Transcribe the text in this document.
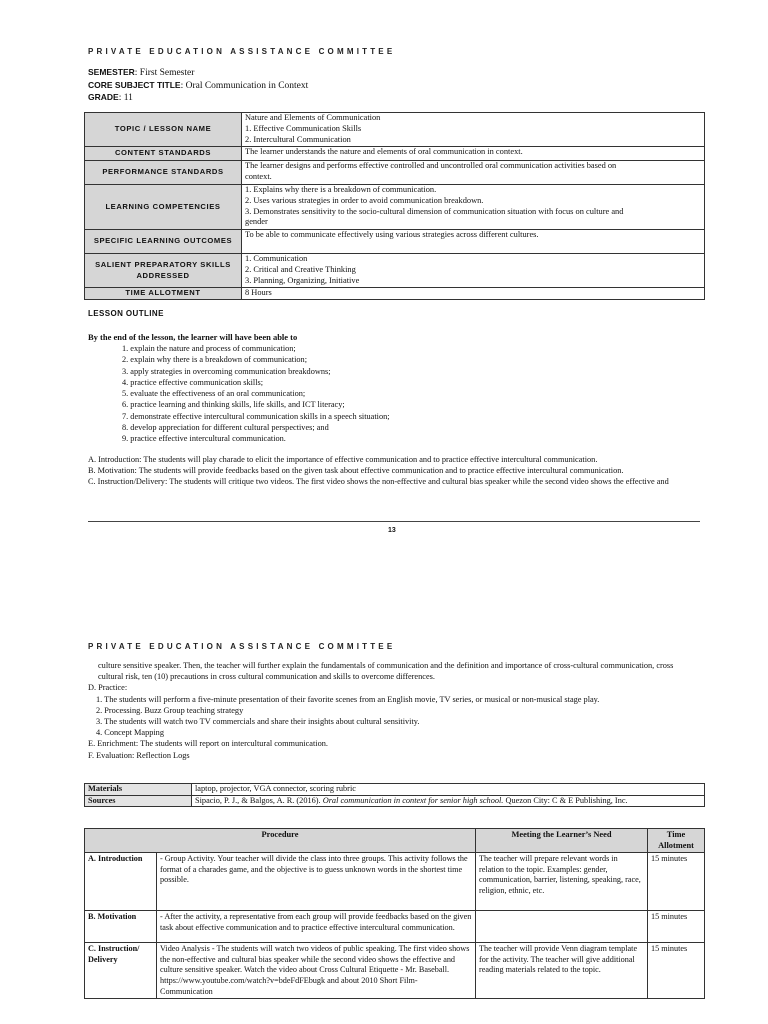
PRIVATE EDUCATION ASSISTANCE COMMITTEE
SEMESTER: First Semester
CORE SUBJECT TITLE: Oral Communication in Context
GRADE: 11
TOPIC / LESSON NAME	Nature and Elements of Communication
1. Effective Communication Skills
2. Intercultural Communication

CONTENT STANDARDS	The learner understands the nature and elements of oral communication in context.

PERFORMANCE STANDARDS	The learner designs and performs effective controlled and uncontrolled oral communication activities based on
context.

LEARNING COMPETENCIES	1. Explains why there is a breakdown of communication.
2. Uses various strategies in order to avoid communication breakdown.
3. Demonstrates sensitivity to the socio-cultural dimension of communication situation with focus on culture and
gender

SPECIFIC LEARNING OUTCOMES	To be able to communicate effectively using various strategies across different cultures.

SALIENT PREPARATORY SKILLS ADDRESSED	1. Communication
2. Critical and Creative Thinking
3. Planning, Organizing, Initiative

TIME ALLOTMENT	8 Hours
LESSON OUTLINE
By the end of the lesson, the learner will have been able to
1. explain the nature and process of communication;
2. explain why there is a breakdown of communication;
3. apply strategies in overcoming communication breakdowns;
4. practice effective communication skills;
5. evaluate the effectiveness of an oral communication;
6. practice learning and thinking skills, life skills, and ICT literacy;
7. demonstrate effective intercultural communication skills in a speech situation;
8. develop appreciation for different cultural perspectives; and
9. practice effective intercultural communication.
A. Introduction: The students will play charade to elicit the importance of effective communication and to practice effective intercultural communication.
B. Motivation: The students will provide feedbacks based on the given task about effective communication and to practice effective intercultural communication.
C. Instruction/Delivery: The students will critique two videos. The first video shows the non-effective and cultural bias speaker while the second video shows the effective and
13
PRIVATE EDUCATION ASSISTANCE COMMITTEE
culture sensitive speaker. Then, the teacher will further explain the fundamentals of communication and the definition and importance of cross-cultural communication, cross
cultural risk, ten (10) precautions in cross cultural communication and skills to overcome differences.
D. Practice:
1. The students will perform a five-minute presentation of their favorite scenes from an English movie, TV series, or musical or non-musical stage play.
2. Processing. Buzz Group teaching strategy
3. The students will watch two TV commercials and share their insights about cultural sensitivity.
4. Concept Mapping
E. Enrichment: The students will report on intercultural communication.
F. Evaluation: Reflection Logs
Materials	laptop, projector, VGA connector, scoring rubric
Sources	Sipacio, P. J., & Balgos, A. R. (2016). Oral communication in context for senior high school. Quezon City: C & E Publishing, Inc.
Procedure		Meeting the Learner’s Need	Time Allotment
A. Introduction	- Group Activity. Your teacher will divide the class into three groups. This activity follows the format of a charades game, and the objective is to guess unknown words in the shortest time possible.	The teacher will prepare relevant words in relation to the topic. Examples: gender, communication, barrier, listening, speaking, race, religion, ethnic, etc.	15 minutes
B. Motivation	- After the activity, a representative from each group will provide feedbacks based on the given task about effective communication and to practice effective intercultural communication.		15 minutes
C. Instruction/ Delivery	Video Analysis - The students will watch two videos of public speaking. The first video shows the non-effective and cultural bias speaker while the second video shows the effective and culture sensitive speaker. Watch the video about Cross Cultural Etiquette - Mr. Baseball. https://www.youtube.com/watch?v=bdeFdFEbugk and about 2010 Short Film- Communication	The teacher will provide Venn diagram template for the activity. The teacher will give additional reading materials related to the topic.	15 minutes
